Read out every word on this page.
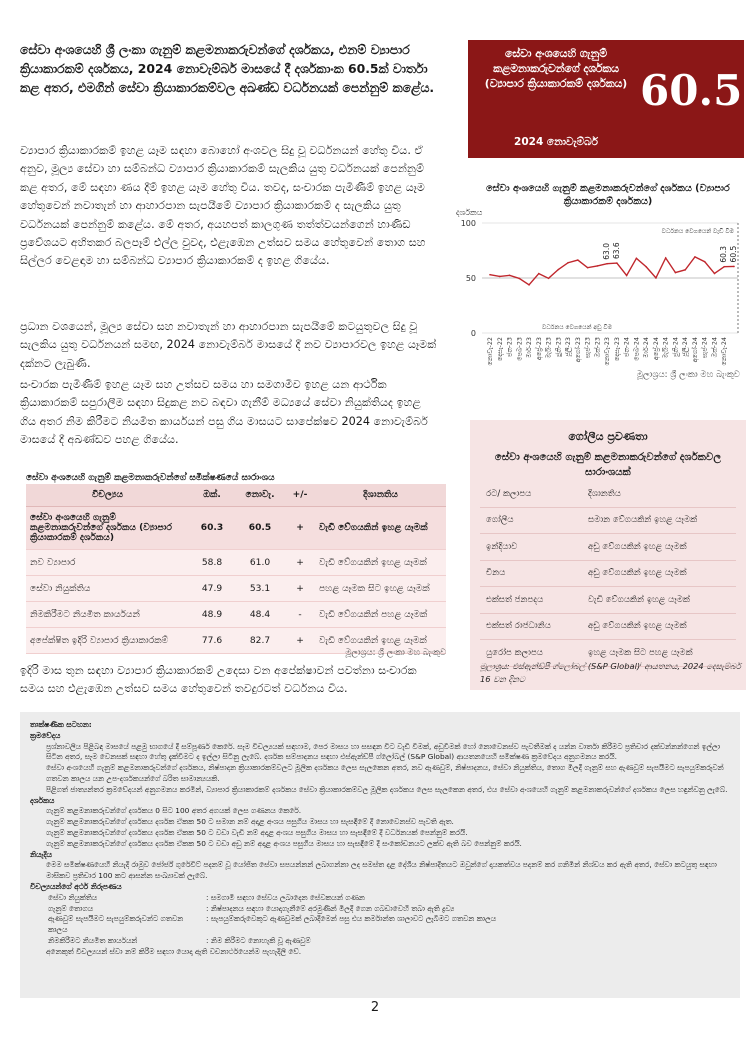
සේවා අංශයෙහි ශ්‍රී ලංකා ගැනුම් කළමනාකරුවන්ගේ දර්ශකය, එනම් ව්‍යාපාර ක්‍රියාකාරකම් දර්ශකය, 2024 නොවැම්බර් මාසයේ දී දර්ශකාංක 60.5ක් වාර්තා කළ අතර, එමගින් සේවා ක්‍රියාකාරකම්වල අඛණ්ඩ වර්ධනයක් පෙන්නුම් කළේය.

ව්‍යාපාර ක්‍රියාකාරකම් ඉහළ යෑම සඳහා බොහෝ අංශවල සිදු වූ වර්ධනයන් හේතු විය. ඒ අනුව, මූල්‍ය සේවා හා සම්බන්ධ ව්‍යාපාර ක්‍රියාකාරකම් සැලකිය යුතු වර්ධනයක් පෙන්නුම් කළ අතර, මේ සඳහා ණය දීම් ඉහළ යෑම හේතු විය. තවද, සංචාරක පැමිණීම් ඉහළ යෑම හේතුවෙන් නවාතැන් හා ආහාරපාන සැපයීමේ ව්‍යාපාර ක්‍රියාකාරකම් ද සැලකිය යුතු වර්ධනයක් පෙන්නුම් කළේය. මේ අතර, අයහපත් කාලගුණ තත්ත්වයන්ගෙන් හාණිඩ ප්‍රවේශයට අහිතකර බලපෑම් එල්ල වුවද, එළැඹෙන උත්සව සමය හේතුවෙන් තොග සහ සිල්ලර වෙළඳාම හා සම්බන්ධ ව්‍යාපාර ක්‍රියාකාරකම් ද ඉහළ ගියේය.

ප්‍රධාන වශයෙන්, මූල්‍ය සේවා සහ නවාතැන් හා ආහාරපාන සැපයීමේ කටයුතුවල සිදු වූ සැලකිය යුතු වර්ධනයන් සමඟ, 2024 නොවැම්බර් මාසයේ දී නව ව්‍යාපාරවල ඉහළ යෑමක් දක්නට ලැබුණි.

සංචාරක පැමිණීම් ඉහළ යෑම සහ උත්සව සමය හා සමගාමීව ඉහළ යන ආර්ථික ක්‍රියාකාරකම් සපුරාලීම සඳහා සිදුකළ නව බඳවා ගැනීම් මධ්‍යයේ සේවා නියුක්තියද ඉහළ ගිය අතර නිම කිරීමට නියමිත කාර්යයන් පසු ගිය මාසයට සාපේක්ෂව 2024 නොවැම්බර් මාසයේ දී අඛණ්ඩව පහළ ගියේය.

සේවා අංශයෙහි ගැනුම් කළමනාකරුවන්ගේ දර්ශකය (ව්‍යාපාර ක්‍රියාකාරකම් දර්ශකය)
2024 නොවැම්බර්
60.5
සේවා අංශයෙහි ගැනුම් කළමනාකරුවන්ගේ දර්ශකය (ව්‍යාපාර ක්‍රියාකාරකම් දර්ශකය)
දර්ශකය
0
50
100
වර්ධනය වෙගයෙන් වැඩි වීම
වර්ධනය වෙගයෙන් අඩු වීම
63.0 63.6	60.3 60.5
නොවැ-22 දෙසැ-22 ජන-23 පෙබ-23 මාර්-23 අප්‍රේ-23 මැයි-23 ජුනි-23 ජූලි-23 අගෝ-23 සැප්-23 ඔක්-23 නොවැ-23 දෙසැ-23 ජන-24 පෙබ-24 මාර්-24 අප්‍රේ-24 මැයි-24 ජුනි-24 ජූලි-24 අගෝ-24 සැප්-24 ඔක්-24 නොවැ-24
මූලාශ්‍රය: ශ්‍රී ලංකා මහ බැංකුව
සේවා අංශයෙහි ගැනුම් කළමනාකරුවන්ගේ සමීක්ෂණයේ සාරාංශය
විචල්‍යය	ඔක්.	නොවැ.	+/-	දිශානතිය
සේවා අංශයෙහි ගැනුම් කළමනාකරුවන්ගේ දර්ශකය (ව්‍යාපාර ක්‍රියාකාරකම් දර්ශකය)	60.3	60.5	+	වැඩි වේගයකින් ඉහළ යෑමක්
නව ව්‍යාපාර	58.8	61.0	+	වැඩි වේගයකින් ඉහළ යෑමක්
සේවා නියුක්තිය	47.9	53.1	+	පහළ යෑමක සිට ඉහළ යෑමක්
නිමකිරීමට නියමිත කාර්යයන්	48.9	48.4	-	වැඩි වේගයකින් පහළ යෑමක්
අපේක්ෂිත ඉදිරි ව්‍යාපාර ක්‍රියාකාරකම්	77.6	82.7	+	වැඩි වේගයකින් ඉහළ යෑමක්
මූලාශ්‍රය: ශ්‍රී ලංකා මහ බැංකුව

ඉදිරි මාස තුන සඳහා ව්‍යාපාර ක්‍රියාකාරකම් උදෙසා වන අපේක්ෂාවන් පවත්නා සංචාරක සමය සහ එළැඹෙන උත්සව සමය හේතුවෙන් තවදුරටත් වර්ධනය විය.

ගෝලීය ප්‍රවණතා
සේවා අංශයෙහි ගැනුම් කළමනාකරුවන්ගේ දර්ශකවල සාරාංශයක්
රට/ කලාපය	දිශානතිය
ගෝලීය	සමාන වේගයකින් ඉහළ යෑමක්
ඉන්දියාව	අඩු වේගයකින් ඉහළ යෑමක්
චීනය	අඩු වේගයකින් ඉහළ යෑමක්
එක්සත් ජනපදය	වැඩි වේගයකින් ඉහළ යෑමක්
එක්සත් රාජධානිය	අඩු වේගයකින් ඉහළ යෑමක්
යුරෝප කලාපය	ඉහළ යෑමක සිට පහළ යෑමක්
මූලාශ්‍රය: එස්ඇන්ඩ්පී ග්ලෝබල් (S&P Global)ⁱ ආයතනය, 2024 දෙසැම්බර් 16 වන දිනට

තාක්ෂණික සටහන:

ක්‍රමවේදය

ප්‍රශ්නාවලිය පිළිබඳ මාසයේ පළමු භාගයේ දී සම්පූර්ණ කෙරේ. සෑම විචල්‍යයක් සඳහාම, පෙර මාසය හා සසඳන විට වැඩි වීමක්, අඩුවීමක් හෝ නොවෙනස්ව පැවතීමක් ද යන්න වාර්තා කිරීමට ප්‍රතිචාර දක්වන්නන්ගෙන් ඉල්ලා සිටින අතර, සෑම වෙනසක් සඳහා හේතු දැක්වීමට ද ඉල්ලා සිටිනු ලැබේ. දර්ශක සම්පාදනය සඳහා එස්ඇන්ඩ්පී ග්ලෝබල් (S&P Global) ආයතනයෙහි සමීක්ෂණ ක්‍රමවේදය අනුගමනය කරයි.

සේවා අංශයෙහි ගැනුම් කළමනාකරුවන්ගේ දර්ශකය, නිෂ්පාදන ක්‍රියාකාරකම්වලට මූලික දර්ශකය ලෙස සැලකෙන අතර, නව ඇණවුම්, නිෂ්පාදනය, සේවා නියුක්තිය, තොග මිලදී ගැනුම් සහ ඇණවුම් සැපයීමට සැපයුම්කරුවන් ගතවන කාලය යන උප-දර්ශකයන්ගේ බරිත සාමාන්‍යයකි.

පිළිගත් ජාත්‍යන්තර ක්‍රමවේදයන් අනුගමනය කරමින්, ව්‍යාපාර ක්‍රියාකාරකම් දර්ශකය සේවා ක්‍රියාකාරකම්වල මූලික දර්ශකය ලෙස සැලකෙන අතර, එය සේවා අංශයෙහි ගැනුම් කළමනාකරුවන්ගේ දර්ශකය ලෙස හඳුන්වනු ලැබේ.

දර්ශකය

ගැනුම් කළමනාකරුවන්ගේ දර්ශකය 0 සිට 100 අතර අගයක් ලෙස ගණනය කෙරේ.

ගැනුම් කළමනාකරුවන්ගේ දර්ශකය දර්ශක ඒකක 50 ට සමාන නම් අදාළ අංශය පසුගිය මාසය හා සැසඳීමේ දී නොවෙනස්ව පැවති ඇත.

ගැනුම් කළමනාකරුවන්ගේ දර්ශකය දර්ශක ඒකක 50 ට වඩා වැඩි නම් අදාළ අංශය පසුගිය මාසය හා සැසඳීමේ දී වර්ධනයක් පෙන්නුම් කරයි.

ගැනුම් කළමනාකරුවන්ගේ දර්ශකය දර්ශක ඒකක 50 ට වඩා අඩු නම් අදාළ අංශය පසුගිය මාසය හා සැසඳීමේ දී සංකෝචනයට ලක්ව ඇති බව පෙන්නුම් කරයි.

නියැදිය

මෙම සමීක්ෂණයෙහි නියැදි රාමුව ජෝර්ජ් ගුරේවිට් පදනම් වූ යෝජිත සේවා සපයන්නන් ලබාගන්නා ලද සමස්ත දළ දේශීය නිෂ්පාදිතයට ඔවුන්ගේ දායකත්වය පදනම් කර ගනිමින් නිශ්චය කර ඇති අතර, සේවා කටයුතු සඳහා මාසිකව ප්‍රතිචාර 100 කට ආසන්න සංඛ්‍යාවක් ලැබේ.

විචල්‍යයන්ගේ අර්ථ නිරූපණය

සේවා නියුක්තිය	: සමගාමී සඳහා සේවය ලබාදෙන සේවකයන් ගණන
ගැනුම් තොගය	: නිෂ්පාදනය සඳහා යොදාගැනීමේ අරමුණින් මිලදී ගෙන ගබඩාවෙහි තබා ඇති ද්‍රව්‍ය
ඇණවුම් සැපයීමට සැපයුම්කරුවන්ට ගතවන කාලය
: සැපයුම්කරුවෙකුට ඇණවුමක් ලබාදීමෙන් පසු එය කර්මාන්ත ශාලාවට ලැබීමට ගතවන කාලය
නිමකිරීමට නියමිත කාර්යයන්	: නිම කිරීමට නොහැකි වූ ඇණවුම්

අනෙකුත් විචල්‍යයන් ස්වා නම් කිරීම සඳහා යොදා ඇති වචනාර්ථයෙන්ම පැහැදිලි වේ.

2
